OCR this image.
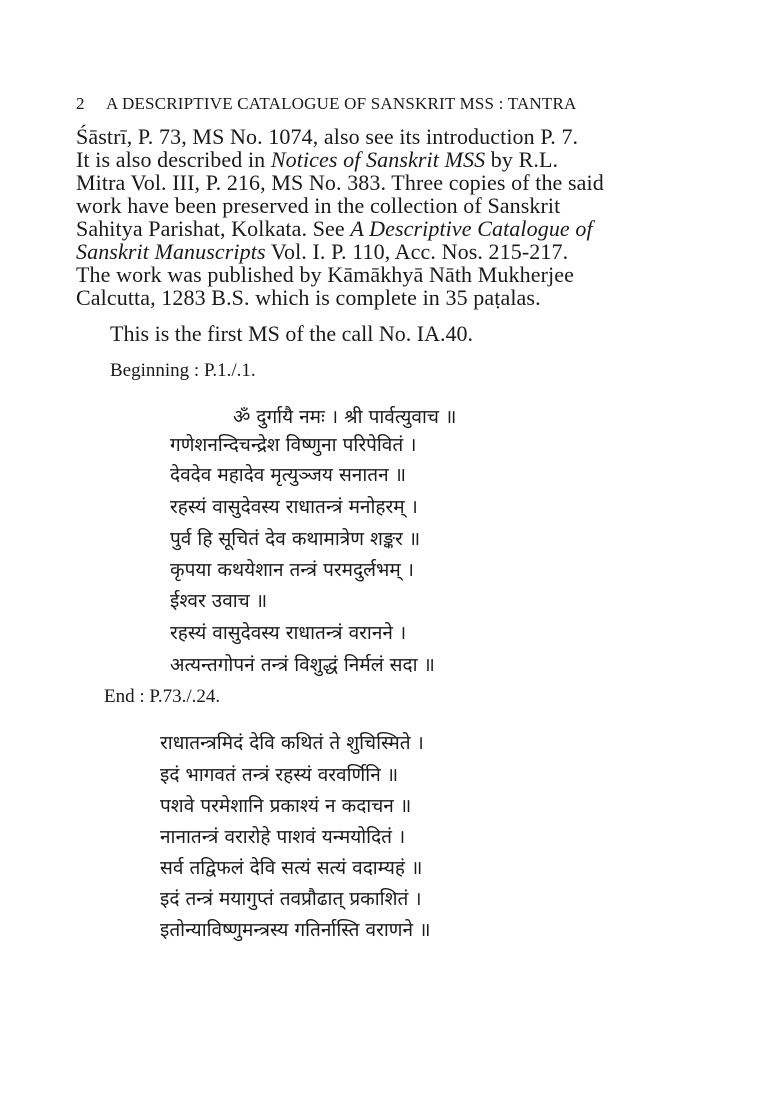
2 A DESCRIPTIVE CATALOGUE OF SANSKRIT MSS : TANTRA
Śāstrī, P. 73, MS No. 1074, also see its introduction P. 7.
It is also described in Notices of Sanskrit MSS by R.L.
Mitra Vol. III, P. 216, MS No. 383. Three copies of the said
work have been preserved in the collection of Sanskrit
Sahitya Parishat, Kolkata. See A Descriptive Catalogue of
Sanskrit Manuscripts Vol. I. P. 110, Acc. Nos. 215-217.
The work was published by Kāmākhyā Nāth Mukherjee
Calcutta, 1283 B.S. which is complete in 35 paṭalas.
This is the first MS of the call No. IA.40.
Beginning : P.1./.1.
ॐ दुर्गायै नमः । श्री पार्वत्युवाच ॥
गणेशनन्दिचन्द्रेश विष्णुना परिपेवितं ।
देवदेव महादेव मृत्युञ्जय सनातन ॥
रहस्यं वासुदेवस्य राधातन्त्रं मनोहरम् ।
पुर्व हि सूचितं देव कथामात्रेण शङ्कर ॥
कृपया कथयेशान तन्त्रं परमदुर्लभम् ।
ईश्वर उवाच ॥
रहस्यं वासुदेवस्य राधातन्त्रं वरानने ।
अत्यन्तगोपनं तन्त्रं विशुद्धं निर्मलं सदा ॥
End : P.73./.24.
राधातन्त्रमिदं देवि कथितं ते शुचिस्मिते ।
इदं भागवतं तन्त्रं रहस्यं वरवर्णिनि ॥
पशवे परमेशानि प्रकाश्यं न कदाचन ॥
नानातन्त्रं वरारोहे पाशवं यन्मयोदितं ।
सर्व तद्विफलं देवि सत्यं सत्यं वदाम्यहं ॥
इदं तन्त्रं मयागुप्तं तवप्रौढात् प्रकाशितं ।
इतोन्याविष्णुमन्त्रस्य गतिर्नास्ति वराणने ॥
